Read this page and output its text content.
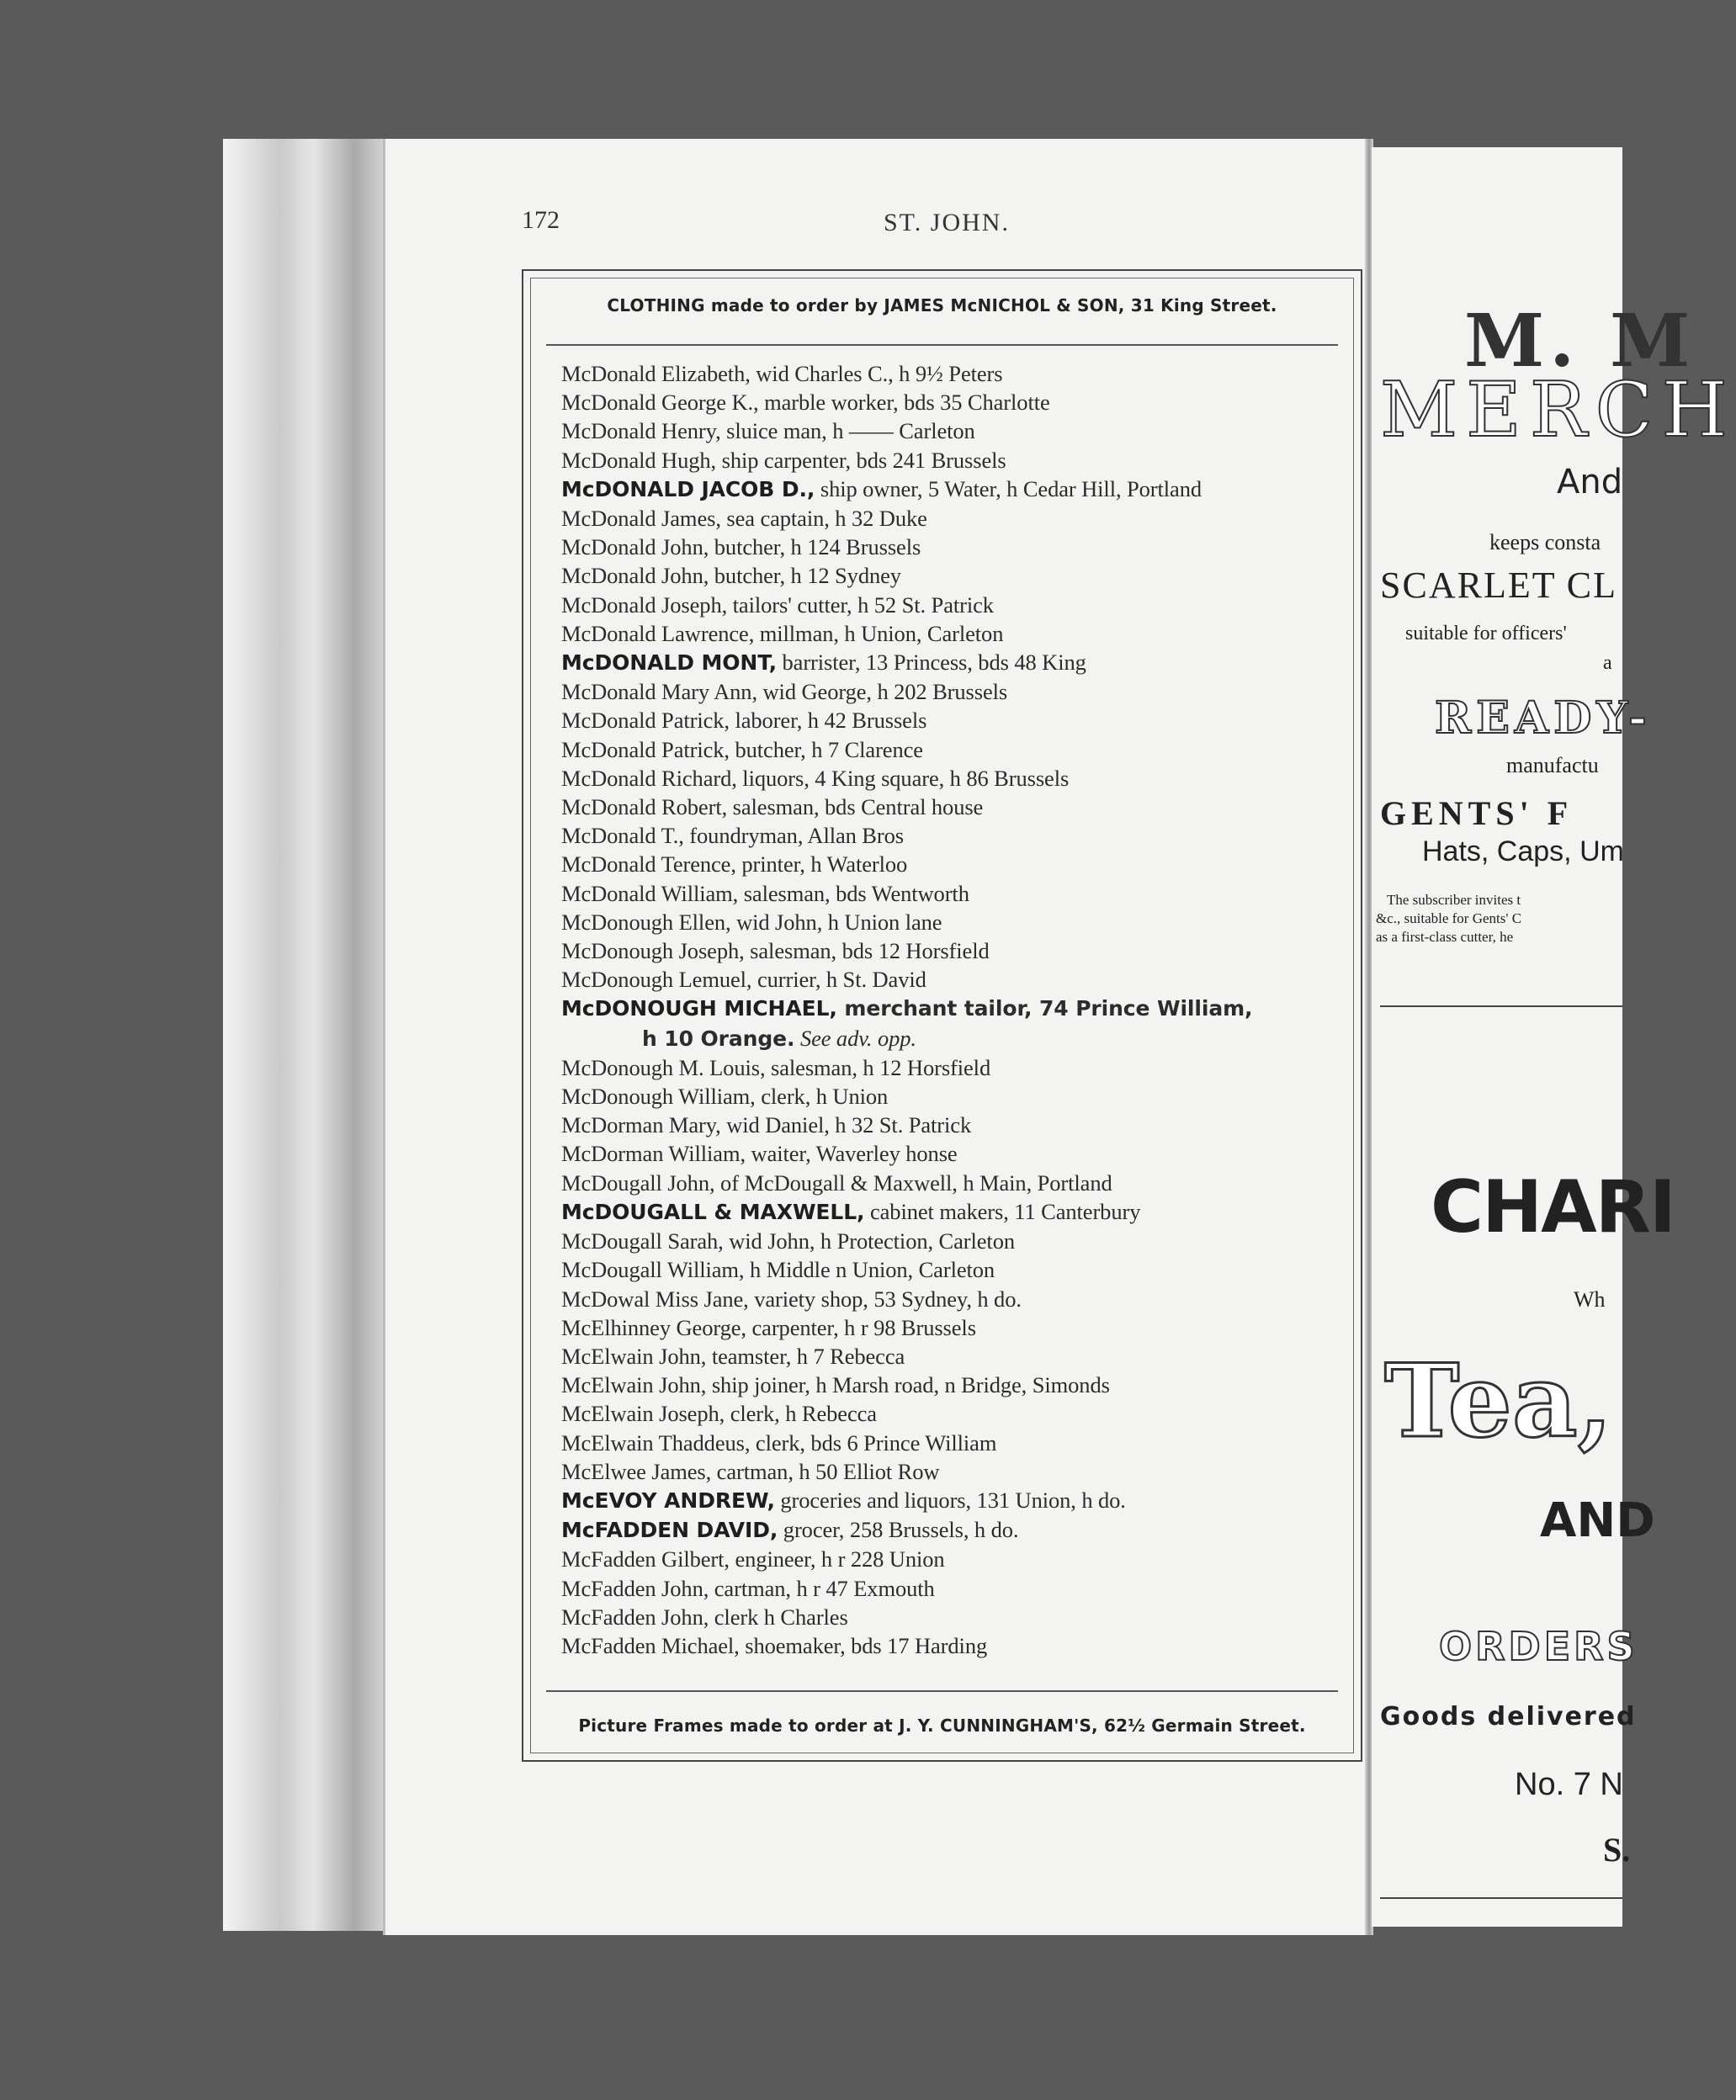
172	ST. JOHN.
CLOTHING made to order by JAMES McNICHOL & SON, 31 King Street.
McDonald Elizabeth, wid Charles C., h 9½ Peters
McDonald George K., marble worker, bds 35 Charlotte
McDonald Henry, sluice man, h —— Carleton
McDonald Hugh, ship carpenter, bds 241 Brussels
McDONALD JACOB D., ship owner, 5 Water, h Cedar Hill, Portland
McDonald James, sea captain, h 32 Duke
McDonald John, butcher, h 124 Brussels
McDonald John, butcher, h 12 Sydney
McDonald Joseph, tailors' cutter, h 52 St. Patrick
McDonald Lawrence, millman, h Union, Carleton
McDONALD MONT, barrister, 13 Princess, bds 48 King
McDonald Mary Ann, wid George, h 202 Brussels
McDonald Patrick, laborer, h 42 Brussels
McDonald Patrick, butcher, h 7 Clarence
McDonald Richard, liquors, 4 King square, h 86 Brussels
McDonald Robert, salesman, bds Central house
McDonald T., foundryman, Allan Bros
McDonald Terence, printer, h Waterloo
McDonald William, salesman, bds Wentworth
McDonough Ellen, wid John, h Union lane
McDonough Joseph, salesman, bds 12 Horsfield
McDonough Lemuel, currier, h St. David
McDONOUGH MICHAEL, merchant tailor, 74 Prince William,
h 10 Orange. See adv. opp.
McDonough M. Louis, salesman, h 12 Horsfield
McDonough William, clerk, h Union
McDorman Mary, wid Daniel, h 32 St. Patrick
McDorman William, waiter, Waverley honse
McDougall John, of McDougall & Maxwell, h Main, Portland
McDOUGALL & MAXWELL, cabinet makers, 11 Canterbury
McDougall Sarah, wid John, h Protection, Carleton
McDougall William, h Middle n Union, Carleton
McDowal Miss Jane, variety shop, 53 Sydney, h do.
McElhinney George, carpenter, h r 98 Brussels
McElwain John, teamster, h 7 Rebecca
McElwain John, ship joiner, h Marsh road, n Bridge, Simonds
McElwain Joseph, clerk, h Rebecca
McElwain Thaddeus, clerk, bds 6 Prince William
McElwee James, cartman, h 50 Elliot Row
McEVOY ANDREW, groceries and liquors, 131 Union, h do.
McFADDEN DAVID, grocer, 258 Brussels, h do.
McFadden Gilbert, engineer, h r 228 Union
McFadden John, cartman, h r 47 Exmouth
McFadden John, clerk h Charles
McFadden Michael, shoemaker, bds 17 Harding
Picture Frames made to order at J. Y. CUNNINGHAM'S, 62½ Germain Street.
M. M
MERCH
And
keeps consta
SCARLET CL
suitable for officers'
a
READY-
manufactu
GENTS' F
Hats, Caps, Um
The subscriber invites t
&c., suitable for Gents' C
as a first-class cutter, he
CHARI
Wh
Tea,
AND
ORDERS
Goods delivered
No. 7 N
S.
